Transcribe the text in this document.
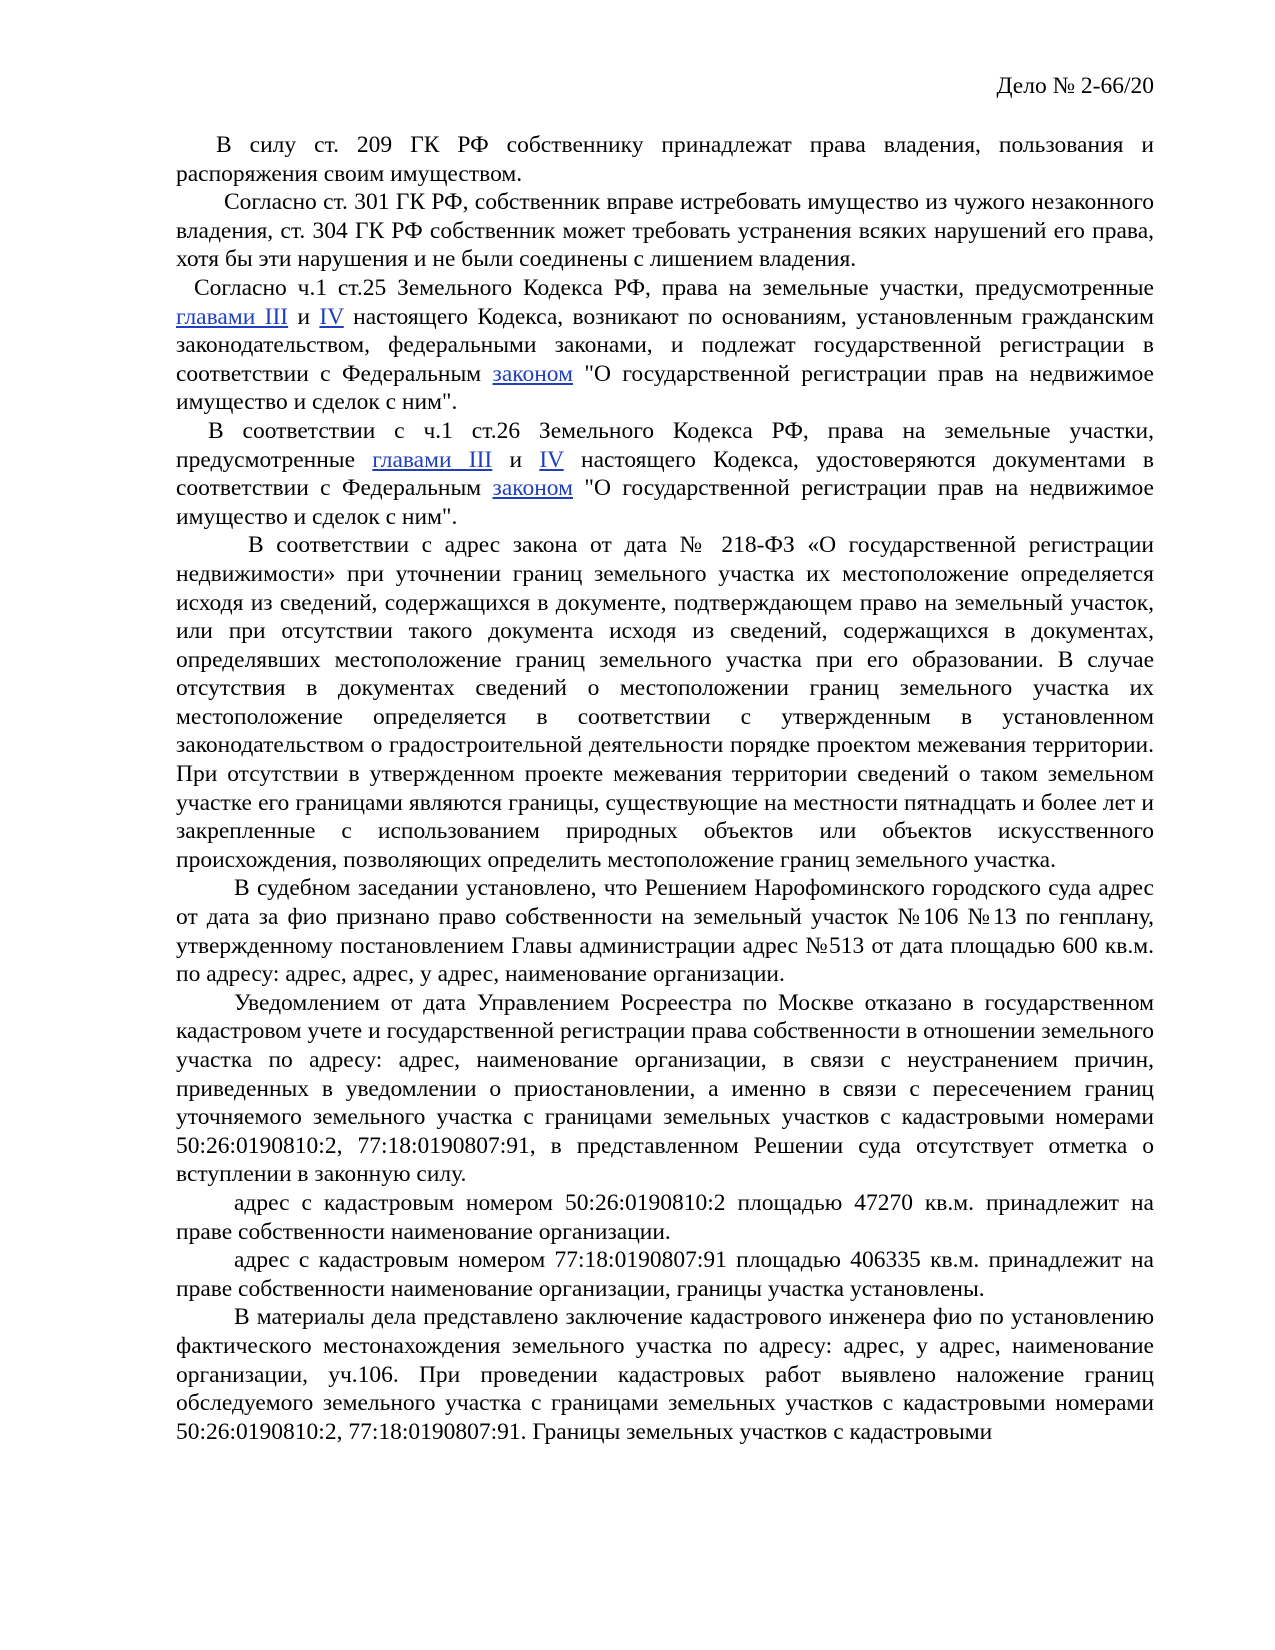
Дело № 2-66/20

В силу ст. 209 ГК РФ собственнику принадлежат права владения, пользования и распоряжения своим имуществом.

Согласно ст. 301 ГК РФ, собственник вправе истребовать имущество из чужого незаконного владения, ст. 304 ГК РФ собственник может требовать устранения всяких нарушений его права, хотя бы эти нарушения и не были соединены с лишением владения.

Согласно ч.1 ст.25 Земельного Кодекса РФ, права на земельные участки, предусмотренные главами III и IV настоящего Кодекса, возникают по основаниям, установленным гражданским законодательством, федеральными законами, и подлежат государственной регистрации в соответствии с Федеральным законом "О государственной регистрации прав на недвижимое имущество и сделок с ним".

В соответствии с ч.1 ст.26 Земельного Кодекса РФ, права на земельные участки, предусмотренные главами III и IV настоящего Кодекса, удостоверяются документами в соответствии с Федеральным законом "О государственной регистрации прав на недвижимое имущество и сделок с ним".

В соответствии с адрес закона от дата № 218-ФЗ «О государственной регистрации недвижимости» при уточнении границ земельного участка их местоположение определяется исходя из сведений, содержащихся в документе, подтверждающем право на земельный участок, или при отсутствии такого документа исходя из сведений, содержащихся в документах, определявших местоположение границ земельного участка при его образовании. В случае отсутствия в документах сведений о местоположении границ земельного участка их местоположение определяется в соответствии с утвержденным в установленном законодательством о градостроительной деятельности порядке проектом межевания территории. При отсутствии в утвержденном проекте межевания территории сведений о таком земельном участке его границами являются границы, существующие на местности пятнадцать и более лет и закрепленные с использованием природных объектов или объектов искусственного происхождения, позволяющих определить местоположение границ земельного участка.

В судебном заседании установлено, что Решением Нарофоминского городского суда адрес от дата за фио признано право собственности на земельный участок №106 №13 по генплану, утвержденному постановлением Главы администрации адрес №513 от дата площадью 600 кв.м. по адресу: адрес, адрес, у адрес, наименование организации.

Уведомлением от дата Управлением Росреестра по Москве отказано в государственном кадастровом учете и государственной регистрации права собственности в отношении земельного участка по адресу: адрес, наименование организации, в связи с неустранением причин, приведенных в уведомлении о приостановлении, а именно в связи с пересечением границ уточняемого земельного участка с границами земельных участков с кадастровыми номерами 50:26:0190810:2, 77:18:0190807:91, в представленном Решении суда отсутствует отметка о вступлении в законную силу.

адрес с кадастровым номером 50:26:0190810:2 площадью 47270 кв.м. принадлежит на праве собственности наименование организации.

адрес с кадастровым номером 77:18:0190807:91 площадью 406335 кв.м. принадлежит на праве собственности наименование организации, границы участка установлены.

В материалы дела представлено заключение кадастрового инженера фио по установлению фактического местонахождения земельного участка по адресу: адрес, у адрес, наименование организации, уч.106. При проведении кадастровых работ выявлено наложение границ обследуемого земельного участка с границами земельных участков с кадастровыми номерами 50:26:0190810:2, 77:18:0190807:91. Границы земельных участков с кадастровыми
